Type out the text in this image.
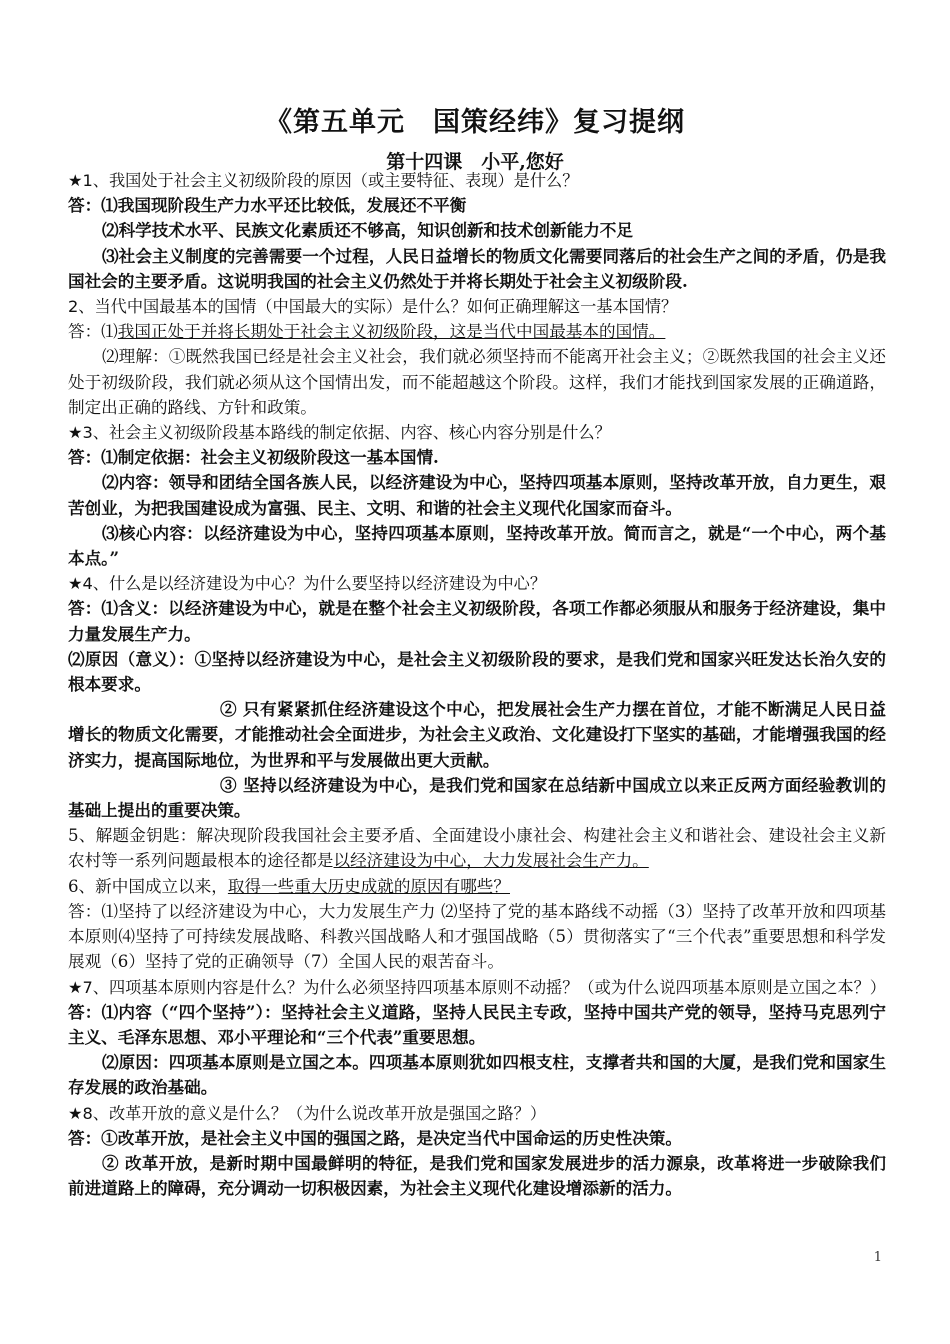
《第五单元　国策经纬》复习提纲
第十四课　小平,您好

★1、我国处于社会主义初级阶段的原因（或主要特征、表现）是什么？

答：⑴我国现阶段生产力水平还比较低，发展还不平衡

⑵科学技术水平、民族文化素质还不够高，知识创新和技术创新能力不足

⑶社会主义制度的完善需要一个过程，人民日益增长的物质文化需要同落后的社会生产之间的矛盾，仍是我国社会的主要矛盾。这说明我国的社会主义仍然处于并将长期处于社会主义初级阶段.

2、当代中国最基本的国情（中国最大的实际）是什么？如何正确理解这一基本国情？

答：⑴我国正处于并将长期处于社会主义初级阶段，这是当代中国最基本的国情。

⑵理解：①既然我国已经是社会主义社会，我们就必须坚持而不能离开社会主义；②既然我国的社会主义还处于初级阶段，我们就必须从这个国情出发，而不能超越这个阶段。这样，我们才能找到国家发展的正确道路，制定出正确的路线、方针和政策。

★3、社会主义初级阶段基本路线的制定依据、内容、核心内容分别是什么？

答：⑴制定依据：社会主义初级阶段这一基本国情.

⑵内容：领导和团结全国各族人民，以经济建设为中心，坚持四项基本原则，坚持改革开放，自力更生，艰苦创业，为把我国建设成为富强、民主、文明、和谐的社会主义现代化国家而奋斗。

⑶核心内容：以经济建设为中心，坚持四项基本原则，坚持改革开放。简而言之，就是“一个中心，两个基本点。”

★4、什么是以经济建设为中心？为什么要坚持以经济建设为中心？

答：⑴含义：以经济建设为中心，就是在整个社会主义初级阶段，各项工作都必须服从和服务于经济建设，集中力量发展生产力。

⑵原因（意义）：①坚持以经济建设为中心，是社会主义初级阶段的要求，是我们党和国家兴旺发达长治久安的根本要求。

② 只有紧紧抓住经济建设这个中心，把发展社会生产力摆在首位，才能不断满足人民日益增长的物质文化需要，才能推动社会全面进步，为社会主义政治、文化建设打下坚实的基础，才能增强我国的经济实力，提高国际地位，为世界和平与发展做出更大贡献。

③ 坚持以经济建设为中心，是我们党和国家在总结新中国成立以来正反两方面经验教训的基础上提出的重要决策。

5、解题金钥匙：解决现阶段我国社会主要矛盾、全面建设小康社会、构建社会主义和谐社会、建设社会主义新农村等一系列问题最根本的途径都是以经济建设为中心，大力发展社会生产力。

6、新中国成立以来，取得一些重大历史成就的原因有哪些？

答：⑴坚持了以经济建设为中心，大力发展生产力 ⑵坚持了党的基本路线不动摇（3）坚持了改革开放和四项基本原则⑷坚持了可持续发展战略、科教兴国战略人和才强国战略（5）贯彻落实了“三个代表”重要思想和科学发展观（6）坚持了党的正确领导（7）全国人民的艰苦奋斗。

★7、四项基本原则内容是什么？为什么必须坚持四项基本原则不动摇？（或为什么说四项基本原则是立国之本？）

答：⑴内容（“四个坚持”）：坚持社会主义道路，坚持人民民主专政，坚持中国共产党的领导，坚持马克思列宁主义、毛泽东思想、邓小平理论和“三个代表”重要思想。

⑵原因：四项基本原则是立国之本。四项基本原则犹如四根支柱，支撑者共和国的大厦，是我们党和国家生存发展的政治基础。

★8、改革开放的意义是什么？（为什么说改革开放是强国之路？）

答：①改革开放，是社会主义中国的强国之路，是决定当代中国命运的历史性决策。

② 改革开放，是新时期中国最鲜明的特征，是我们党和国家发展进步的活力源泉，改革将进一步破除我们前进道路上的障碍，充分调动一切积极因素，为社会主义现代化建设增添新的活力。

1
